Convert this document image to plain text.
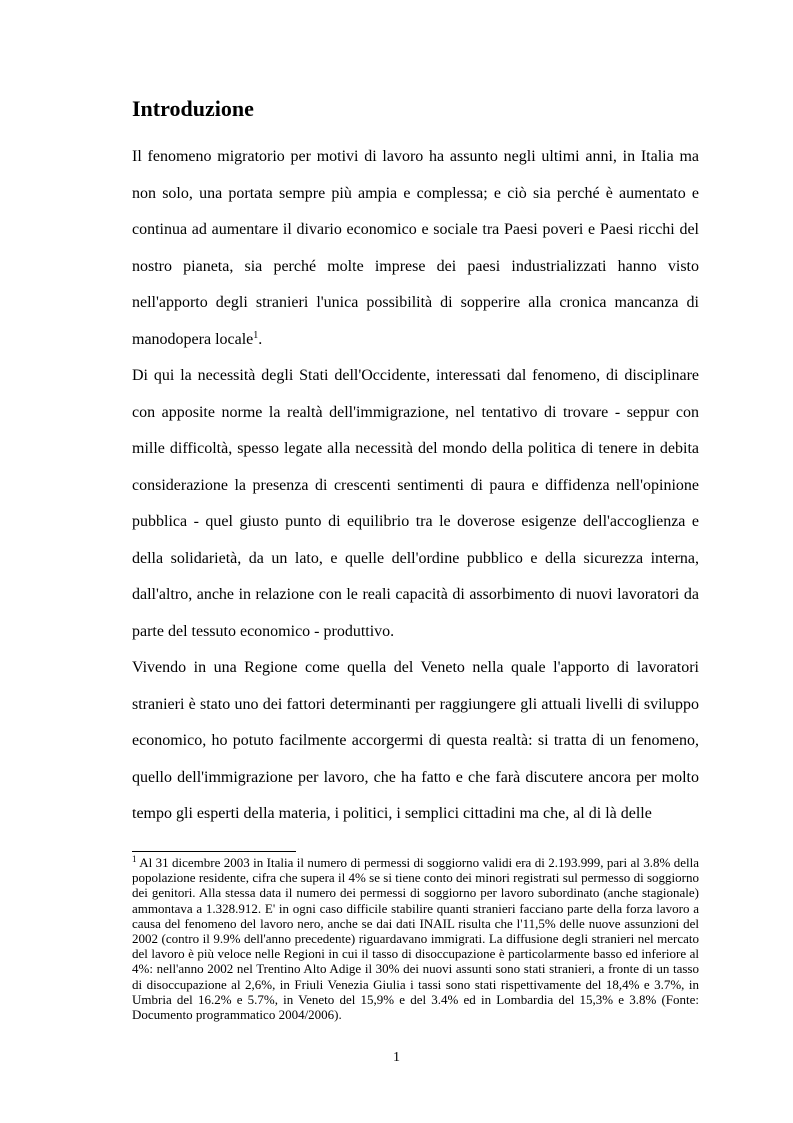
Introduzione

Il fenomeno migratorio per motivi di lavoro ha assunto negli ultimi anni, in Italia ma non solo, una portata sempre più ampia e complessa; e ciò sia perché è aumentato e continua ad aumentare il divario economico e sociale tra Paesi poveri e Paesi ricchi del nostro pianeta, sia perché molte imprese dei paesi industrializzati hanno visto nell'apporto degli stranieri l'unica possibilità di sopperire alla cronica mancanza di manodopera locale$^1$.

Di qui la necessità degli Stati dell'Occidente, interessati dal fenomeno, di disciplinare con apposite norme la realtà dell'immigrazione, nel tentativo di trovare - seppur con mille difficoltà, spesso legate alla necessità del mondo della politica di tenere in debita considerazione la presenza di crescenti sentimenti di paura e diffidenza nell'opinione pubblica - quel giusto punto di equilibrio tra le doverose esigenze dell'accoglienza e della solidarietà, da un lato, e quelle dell'ordine pubblico e della sicurezza interna, dall'altro, anche in relazione con le reali capacità di assorbimento di nuovi lavoratori da parte del tessuto economico - produttivo.

Vivendo in una Regione come quella del Veneto nella quale l'apporto di lavoratori stranieri è stato uno dei fattori determinanti per raggiungere gli attuali livelli di sviluppo economico, ho potuto facilmente accorgermi di questa realtà: si tratta di un fenomeno, quello dell'immigrazione per lavoro, che ha fatto e che farà discutere ancora per molto tempo gli esperti della materia, i politici, i semplici cittadini ma che, al di là delle

$^1$ Al 31 dicembre 2003 in Italia il numero di permessi di soggiorno validi era di 2.193.999, pari al 3.8% della popolazione residente, cifra che supera il 4% se si tiene conto dei minori registrati sul permesso di soggiorno dei genitori. Alla stessa data il numero dei permessi di soggiorno per lavoro subordinato (anche stagionale) ammontava a 1.328.912. E' in ogni caso difficile stabilire quanti stranieri facciano parte della forza lavoro a causa del fenomeno del lavoro nero, anche se dai dati INAIL risulta che l'11,5% delle nuove assunzioni del 2002 (contro il 9.9% dell'anno precedente) riguardavano immigrati. La diffusione degli stranieri nel mercato del lavoro è più veloce nelle Regioni in cui il tasso di disoccupazione è particolarmente basso ed inferiore al 4%: nell'anno 2002 nel Trentino Alto Adige il 30% dei nuovi assunti sono stati stranieri, a fronte di un tasso di disoccupazione al 2,6%, in Friuli Venezia Giulia i tassi sono stati rispettivamente del 18,4% e 3.7%, in Umbria del 16.2% e 5.7%, in Veneto del 15,9% e del 3.4% ed in Lombardia del 15,3% e 3.8% (Fonte: Documento programmatico 2004/2006).

1
